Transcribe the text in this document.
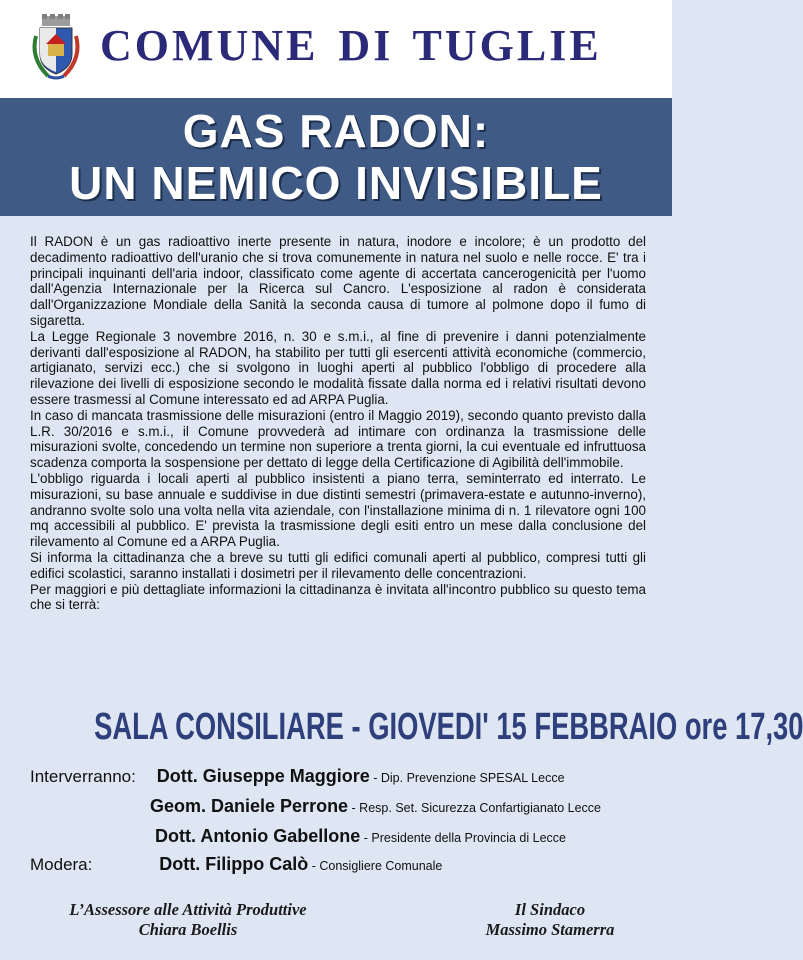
COMUNE DI TUGLIE
GAS RADON:
UN NEMICO INVISIBILE

Il RADON è un gas radioattivo inerte presente in natura, inodore e incolore; è un prodotto del decadimento radioattivo dell'uranio che si trova comunemente in natura nel suolo e nelle rocce. E' tra i principali inquinanti dell'aria indoor, classificato come agente di accertata cancerogenicità per l'uomo dall'Agenzia Internazionale per la Ricerca sul Cancro. L'esposizione al radon è considerata dall'Organizzazione Mondiale della Sanità la seconda causa di tumore al polmone dopo il fumo di sigaretta.

La Legge Regionale 3 novembre 2016, n. 30 e s.m.i., al fine di prevenire i danni potenzialmente derivanti dall'esposizione al RADON, ha stabilito per tutti gli esercenti attività economiche (commercio, artigianato, servizi ecc.) che si svolgono in luoghi aperti al pubblico l'obbligo di procedere alla rilevazione dei livelli di esposizione secondo le modalità fissate dalla norma ed i relativi risultati devono essere trasmessi al Comune interessato ed ad ARPA Puglia.

In caso di mancata trasmissione delle misurazioni (entro il Maggio 2019), secondo quanto previsto dalla L.R. 30/2016 e s.m.i., il Comune provvederà ad intimare con ordinanza la trasmissione delle misurazioni svolte, concedendo un termine non superiore a trenta giorni, la cui eventuale ed infruttuosa scadenza comporta la sospensione per dettato di legge della Certificazione di Agibilità dell'immobile.

L'obbligo riguarda i locali aperti al pubblico insistenti a piano terra, seminterrato ed interrato. Le misurazioni, su base annuale e suddivise in due distinti semestri (primavera-estate e autunno-inverno), andranno svolte solo una volta nella vita aziendale, con l'installazione minima di n. 1 rilevatore ogni 100 mq accessibili al pubblico. E' prevista la trasmissione degli esiti entro un mese dalla conclusione del rilevamento al Comune ed a ARPA Puglia.

Si informa la cittadinanza che a breve su tutti gli edifici comunali aperti al pubblico, compresi tutti gli edifici scolastici, saranno installati i dosimetri per il rilevamento delle concentrazioni.

Per maggiori e più dettagliate informazioni la cittadinanza è invitata all'incontro pubblico su questo tema che si terrà:

SALA CONSILIARE - GIOVEDI' 15 FEBBRAIO ore 17,30
Interverranno: Dott. Giuseppe Maggiore - Dip. Prevenzione SPESAL Lecce
Geom. Daniele Perrone - Resp. Set. Sicurezza Confartigianato Lecce
Dott. Antonio Gabellone - Presidente della Provincia di Lecce
Modera:	Dott. Filippo Calò - Consigliere Comunale
L’Assessore alle Attività Produttive
Chiara Boellis
Il Sindaco
Massimo Stamerra
